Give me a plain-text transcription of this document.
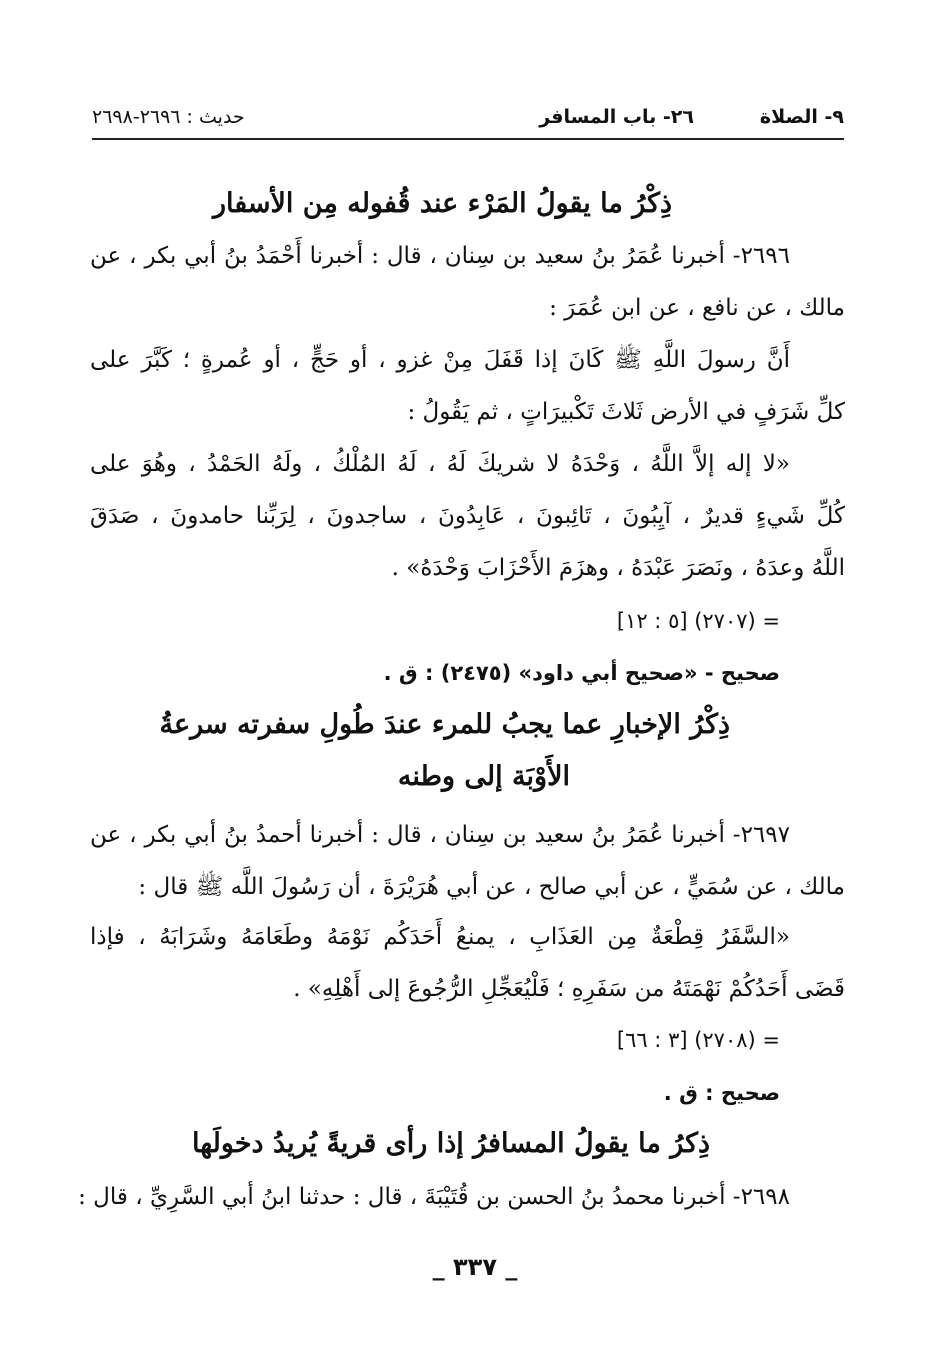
٩- الصلاة
٢٦- باب المسافر
حديث : ٢٦٩٦-٢٦٩٨
ذِكْرُ ما يقولُ المَرْء عند قُفوله مِن الأسفار
٢٦٩٦- أخبرنا عُمَرُ بنُ سعيد بن سِنان ، قال : أخبرنا أَحْمَدُ بنُ أبي بكر ، عن
مالك ، عن نافع ، عن ابن عُمَرَ :
أَنَّ رسولَ اللَّهِ ﷺ كَانَ إذا قَفَلَ مِنْ غزو ، أو حَجٍّ ، أو عُمرةٍ ؛ كَبَّرَ على
كلِّ شَرَفٍ في الأرض ثَلاثَ تَكْبيرَاتٍ ، ثم يَقُولُ :
«لا إله إلاَّ اللَّهُ ، وَحْدَهُ لا شريكَ لَهُ ، لَهُ المُلْكُ ، ولَهُ الحَمْدُ ، وهُوَ على
كُلِّ شَيءٍ قديرٌ ، آيِبُونَ ، تَائِبونَ ، عَابِدُونَ ، ساجدونَ ، لِرَبِّنا حامدونَ ، صَدَقَ
اللَّهُ وعدَهُ ، ونَصَرَ عَبْدَهُ ، وهزَمَ الأَحْزَابَ وَحْدَهُ» .
= (٢٧٠٧) [٥ : ١٢]
صحيح - «صحيح أبي داود» (٢٤٧٥) : ق .
ذِكْرُ الإخبارِ عما يجبُ للمرء عندَ طُولِ سفرته سرعةُ
الأَوْبَة إلى وطنه
٢٦٩٧- أخبرنا عُمَرُ بنُ سعيد بن سِنان ، قال : أخبرنا أحمدُ بنُ أبي بكر ، عن
مالك ، عن سُمَيٍّ ، عن أبي صالح ، عن أبي هُرَيْرَةَ ، أن رَسُولَ اللَّه ﷺ قال :
«السَّفَرُ قِطْعَةٌ مِن العَذَابِ ، يمنعُ أَحَدَكُم نَوْمَهُ وطَعَامَهُ وشَرَابَهُ ، فإذا
قَضَى أَحَدُكُمْ نَهْمَتَهُ من سَفَرِهِ ؛ فَلْيُعَجِّلِ الرُّجُوعَ إلى أَهْلِهِ» .
= (٢٧٠٨) [٣ : ٦٦]
صحيح : ق .
ذِكرُ ما يقولُ المسافرُ إذا رأى قريةً يُريدُ دخولَها
٢٦٩٨- أخبرنا محمدُ بنُ الحسن بن قُتَيْبَةَ ، قال : حدثنا ابنُ أبي السَّرِيِّ ، قال :
_ ٣٣٧ _
